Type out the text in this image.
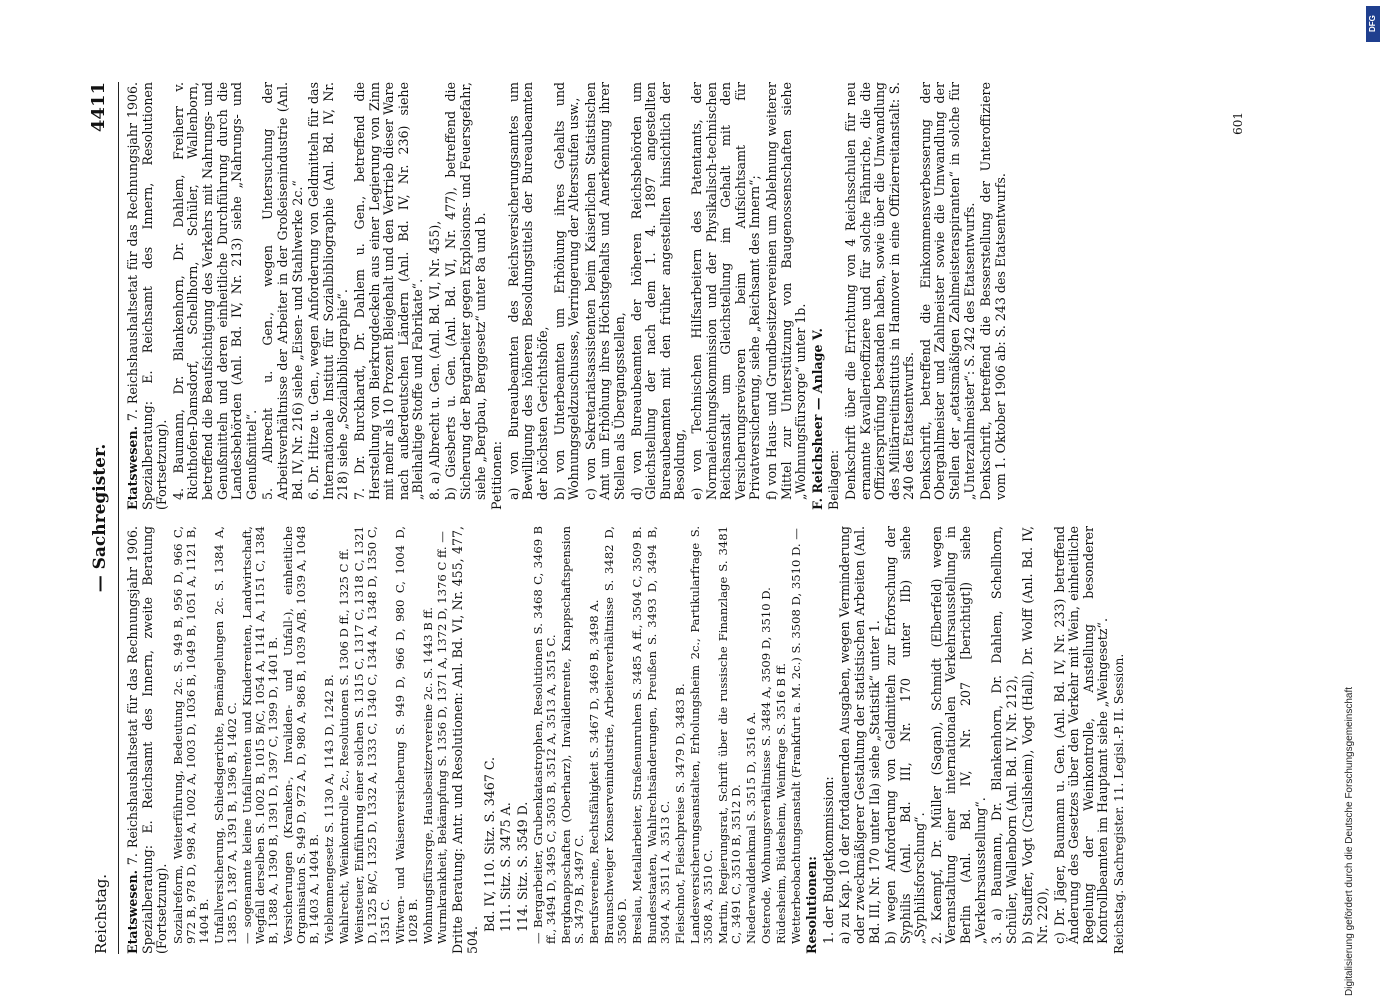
Reichstag.
— Sachregister.
4411

Etatswesen. 7. Reichshaushaltsetat für das Rechnungsjahr 1906. Spezialberatung: E. Reichsamt des Innern, zweite Beratung (Fortsetzung). Sozialreform, Weiterführung, Bedeutung 2c. S. 949 B, 956 D, 966 C, 972 B, 978 D, 998 A, 1002 A, 1003 D, 1036 B, 1049 B, 1051 A, 1121 B, 1404 B. Unfallversicherung, Schiedsgerichte, Bemängelungen 2c. S. 1384 A, 1385 D, 1387 A, 1391 B, 1396 B, 1402 C. — sogenannte kleine Unfallrenten und Kinderrenten, Landwirtschaft, Wegfall derselben S. 1002 B, 1015 B/C, 1054 A, 1141 A, 1151 C, 1384 B, 1388 A, 1390 B, 1391 D, 1397 C, 1399 D, 1401 B. Versicherungen (Kranken-, Invaliden- und Unfall-), einheitliche Organisation S. 949 D, 972 A, D, 980 A, 986 B, 1039 A/B, 1039 A, 1048 B, 1403 A, 1404 B. Vieblemnengesetz S. 1130 A, 1143 D, 1242 B. Wahlrecht, Weinkontrolle 2c., Resolutionen S. 1306 D ff., 1325 C ff. Weinsteuer, Einführung einer solchen S. 1315 C, 1317 C, 1318 C, 1321 D, 1325 B/C, 1325 D, 1332 A, 1333 C, 1340 C, 1344 A, 1348 D, 1350 C, 1351 C. Witwen- und Waisenversicherung S. 949 D, 966 D, 980 C, 1004 D, 1028 B. Wohnungsfürsorge, Hausbesitzervereine 2c. S. 1443 B ff. Wurmkrankheit, Bekämpfung S. 1356 D, 1371 A, 1372 D, 1376 C ff. — Dritte Beratung: Antr. und Resolutionen: Anl. Bd. VI, Nr. 455, 477, 504.

Bd. IV, 110. Sitz. S. 3467 C. 111. Sitz. S. 3475 A. 114. Sitz. S. 3549 D. — Bergarbeiter, Grubenkatastrophen, Resolutionen S. 3468 C, 3469 B ff., 3494 D, 3495 C, 3503 B, 3512 A, 3513 A, 3515 C. Bergknappschaften (Oberharz), Invalidenrente, Knappschaftspension S. 3479 B, 3497 C. Berufsvereine, Rechtsfähigkeit S. 3467 D, 3469 B, 3498 A. Braunschweiger Konservenindustrie, Arbeiterverhältnisse S. 3482 D, 3506 D. Breslau, Metallarbeiter, Straßenunruhen S. 3485 A ff., 3504 C, 3509 B. Bundesstaaten, Wahlrechtsänderungen, Preußen S. 3493 D, 3494 B, 3504 A, 3511 A, 3513 C. Fleischnot, Fleischpreise S. 3479 D, 3483 B. Landesversicherungsanstalten, Erholungsheim 2c., Partikularfrage S. 3508 A, 3510 C. Martin, Regierungsrat, Schrift über die russische Finanzlage S. 3481 C, 3491 C, 3510 B, 3512 D. Niederwalddenkmal S. 3515 D, 3516 A. Osterode, Wohnungsverhältnisse S. 3484 A, 3509 D, 3510 D. Rüdesheim, Büdesheim, Weinfrage S. 3516 B ff. Wetterbeobachtungsanstalt (Frankfurt a. M. 2c.) S. 3508 D, 3510 D. — Resolutionen: 1. der Budgetkommission: a) zu Kap. 10 der fortdauernden Ausgaben, wegen Verminderung oder zweckmäßigerer Gestaltung der statistischen Arbeiten (Anl. Bd. III, Nr. 170 unter IIa) siehe „Statistik“ unter 1. b) wegen Anforderung von Geldmitteln zur Erforschung der Syphilis (Anl. Bd. III, Nr. 170 unter IIb) siehe „Syphilisforschung“. 2. Kaempf, Dr. Müller (Sagan), Schmidt (Elberfeld) wegen Veranstaltung einer internationalen Verkehrsausstellung in Berlin (Anl. Bd. IV, Nr. 207 [berichtigt]) siehe „Verkehrsausstellung“. 3. a) Baumann, Dr. Blankenhorn, Dr. Dahlem, Schellhorn, Schüler, Wallenborn (Anl. Bd. IV, Nr. 212), b) Stauffer, Vogt (Crailsheim), Vogt (Hall), Dr. Wolff (Anl. Bd. IV, Nr. 220), c) Dr. Jäger, Baumann u. Gen. (Anl. Bd. IV, Nr. 233) betreffend Änderung des Gesetzes über den Verkehr mit Wein, einheitliche Regelung der Weinkontrolle, Anstellung besonderer Kontrollbeamten im Hauptamt siehe „Weingesetz“. Reichstag. Sachregister. 11. Legisl.-P. II. Session.

Etatswesen. 7. Reichshaushaltsetat für das Rechnungsjahr 1906. Spezialberatung: E. Reichsamt des Innern, Resolutionen (Fortsetzung). 4. Baumann, Dr. Blankenhorn, Dr. Dahlem, Freiherr v. Richthofen-Damsdorf, Schellhorn, Schüler, Wallenborn, betreffend die Beaufsichtigung des Verkehrs mit Nahrungs- und Genußmitteln und deren einheitliche Durchführung durch die Landesbehörden (Anl. Bd. IV, Nr. 213) siehe „Nahrungs- und Genußmittel“. 5. Albrecht u. Gen., wegen Untersuchung der Arbeitsverhältnisse der Arbeiter in der Großeisenindustrie (Anl. Bd. IV, Nr. 216) siehe „Eisen- und Stahlwerke 2c.“ 6. Dr. Hitze u. Gen., wegen Anforderung von Geldmitteln für das Internationale Institut für Sozialbibliographie (Anl. Bd. IV, Nr. 218) siehe „Sozialbibliographie“. 7. Dr. Burckhardt, Dr. Dahlem u. Gen., betreffend die Herstellung von Bierkrugdeckeln aus einer Legierung von Zinn mit mehr als 10 Prozent Bleigehalt und den Vertrieb dieser Ware nach außerdeutschen Ländern (Anl. Bd. IV, Nr. 236) siehe „Bleihaltige Stoffe und Fabrikate“. 8. a) Albrecht u. Gen. (Anl. Bd. VI, Nr. 455), b) Giesberts u. Gen. (Anl. Bd. VI, Nr. 477), betreffend die Sicherung der Bergarbeiter gegen Explosions- und Feuersgefahr, siehe „Bergbau, Berggesetz“ unter 8a und b. Petitionen: a) von Bureaubeamten des Reichsversicherungsamtes um Bewilligung des höheren Besoldungstitels der Bureaubeamten der höchsten Gerichtshöfe, b) von Unterbeamten um Erhöhung ihres Gehalts und Wohnungsgeldzuschusses, Verringerung der Altersstufen usw., c) von Sekretariatsassistenten beim Kaiserlichen Statistischen Amt um Erhöhung ihres Höchstgehalts und Anerkennung ihrer Stellen als Übergangsstellen, d) von Bureaubeamten der höheren Reichsbehörden um Gleichstellung der nach dem 1. 4. 1897 angestellten Bureaubeamten mit den früher angestellten hinsichtlich der Besoldung, e) von Technischen Hilfsarbeitern des Patentamts, der Normaleichungskommission und der Physikalisch-technischen Reichsanstalt um Gleichstellung im Gehalt mit den Versicherungsrevisoren beim Aufsichtsamt für Privatversicherung, siehe „Reichsamt des Innern“; f) von Haus- und Grundbesitzervereinen um Ablehnung weiterer Mittel zur Unterstützung von Baugenossenschaften siehe „Wohnungsfürsorge“ unter 1b. F. Reichsheer — Anlage V. Beilagen: Denkschrift über die Errichtung von 4 Reichsschulen für neu ernannte Kavallerieoffiziere und für solche Fähnriche, die die Offiziersprüfung bestanden haben, sowie über die Umwandlung des Militärreitinstituts in Hannover in eine Offizierreitanstalt: S. 240 des Etatsentwurfs. Denkschrift, betreffend die Einkommensverbesserung der Obergahlmeister und Zahlmeister sowie die Umwandlung der Stellen der „etatsmäßigen Zahlmeisteraspiranten“ in solche für „Unterzahlmeister“: S. 242 des Etatsentwurfs. Denkschrift, betreffend die Besserstellung der Unteroffiziere vom 1. Oktober 1906 ab: S. 243 des Etatsentwurfs.

601
Digitalisierung gefördert durch die Deutsche Forschungsgemeinschaft
DFG
